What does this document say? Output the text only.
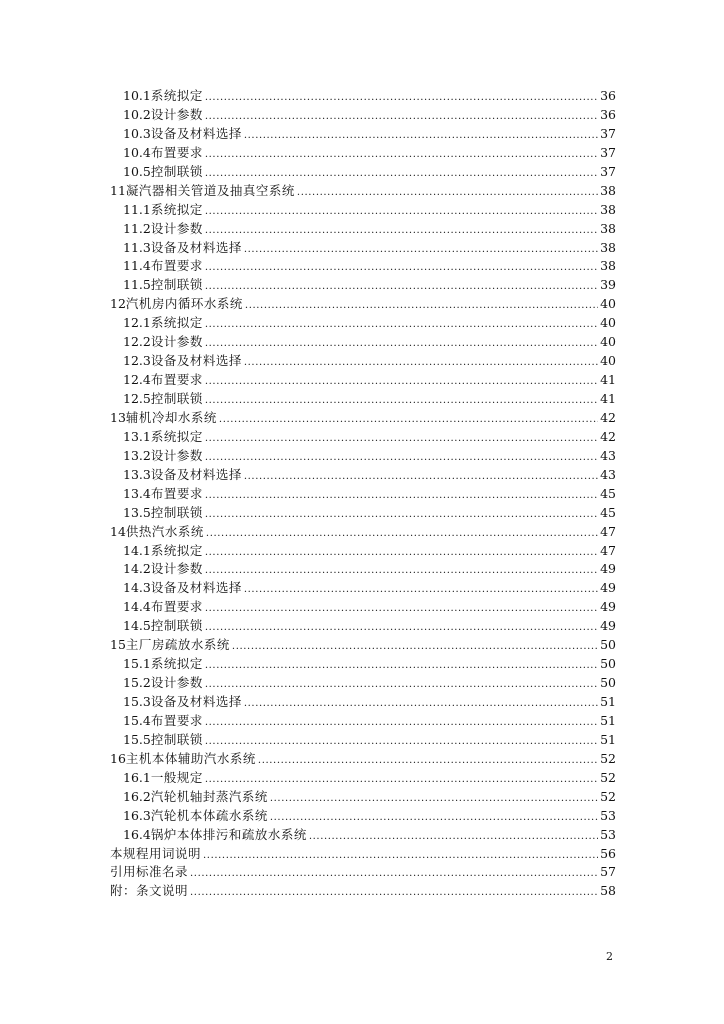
10.1 系统拟定 .....	36
10.2 设计参数 .....	36
10.3 设备及材料选择 .....	37
10.4 布置要求 .....	37
10.5 控制联锁 .....	37
11 凝汽器相关管道及抽真空系统 .....	38
11.1 系统拟定 .....	38
11.2 设计参数 .....	38
11.3 设备及材料选择 .....	38
11.4 布置要求 .....	38
11.5 控制联锁 .....	39
12 汽机房内循环水系统 .....	40
12.1 系统拟定 .....	40
12.2 设计参数 .....	40
12.3 设备及材料选择 .....	40
12.4 布置要求 .....	41
12.5 控制联锁 .....	41
13 辅机冷却水系统 .....	42
13.1 系统拟定 .....	42
13.2 设计参数 .....	43
13.3 设备及材料选择 .....	43
13.4 布置要求 .....	45
13.5 控制联锁 .....	45
14 供热汽水系统 .....	47
14.1 系统拟定 .....	47
14.2 设计参数 .....	49
14.3 设备及材料选择 .....	49
14.4 布置要求 .....	49
14.5 控制联锁 .....	49
15 主厂房疏放水系统 .....	50
15.1 系统拟定 .....	50
15.2 设计参数 .....	50
15.3 设备及材料选择 .....	51
15.4 布置要求 .....	51
15.5 控制联锁 .....	51
16 主机本体辅助汽水系统 .....	52
16.1 一般规定 .....	52
16.2 汽轮机轴封蒸汽系统 .....	52
16.3 汽轮机本体疏水系统 .....	53
16.4 锅炉本体排污和疏放水系统 .....	53
本规程用词说明 .....	56
引用标准名录 .....	57
附：条文说明 .....	58
2
